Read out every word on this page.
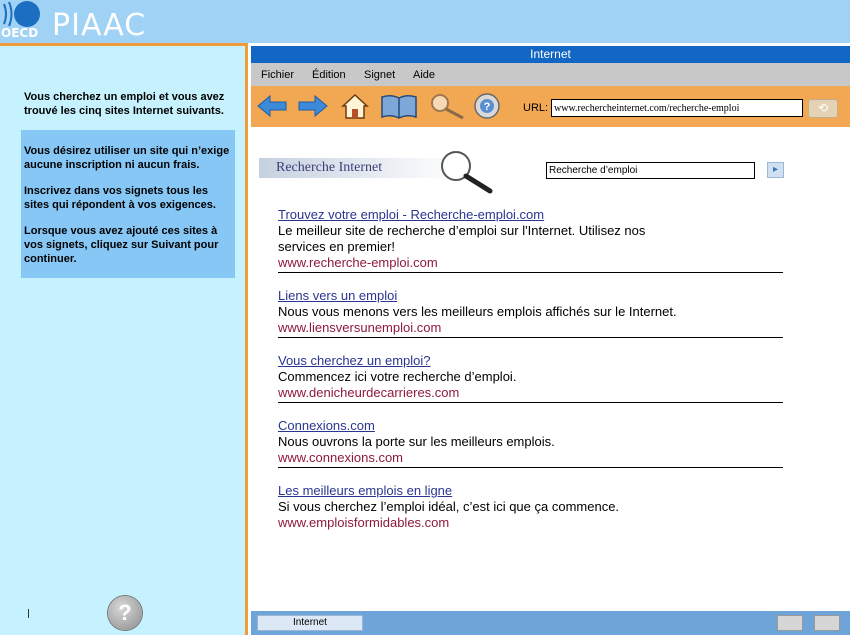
OECD PIAAC
Vous cherchez un emploi et vous avez trouvé les cinq sites Internet suivants.

Vous désirez utiliser un site qui n’exige aucune inscription ni aucun frais.

Inscrivez dans vos signets tous les sites qui répondent à vos exigences.

Lorsque vous avez ajouté ces sites à vos signets, cliquez sur Suivant pour continuer.

?
Internet
Fichier Édition Signet Aide
?	URL: www.rechercheinternet.com/recherche-emploi	⟲
Recherche Internet	Recherche d’emploi	▸
Trouvez votre emploi - Recherche-emploi.com
Le meilleur site de recherche d’emploi sur l'Internet. Utilisez nos services en premier!
www.recherche-emploi.com
Liens vers un emploi
Nous vous menons vers les meilleurs emplois affichés sur le Internet.
www.liensversunemploi.com
Vous cherchez un emploi?
Commencez ici votre recherche d’emploi.
www.denicheurdecarrieres.com
Connexions.com
Nous ouvrons la porte sur les meilleurs emplois.
www.connexions.com
Les meilleurs emplois en ligne
Si vous cherchez l’emploi idéal, c’est ici que ça commence.
www.emploisformidables.com
Internet
